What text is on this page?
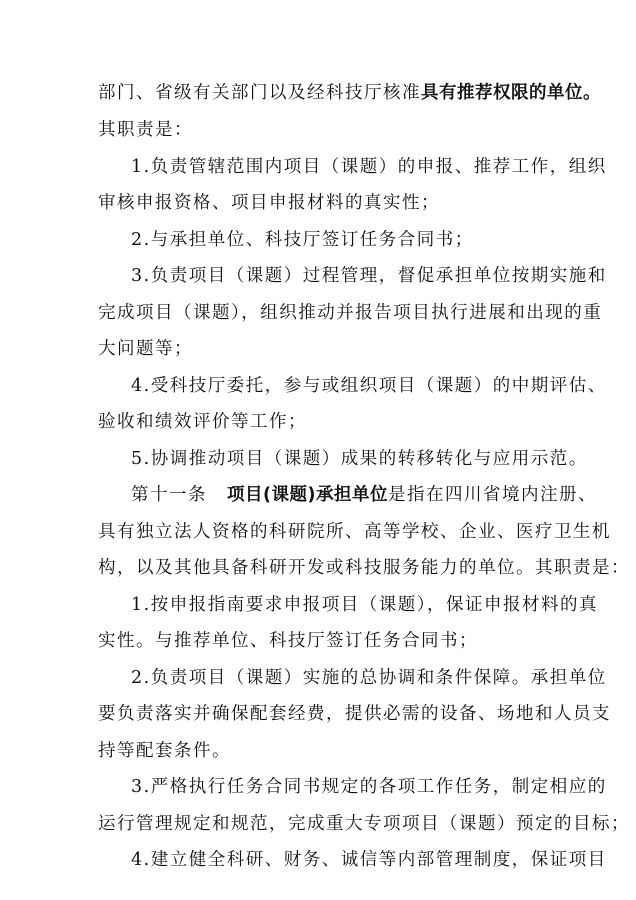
部门、省级有关部门以及经科技厅核准具有推荐权限的单位。
其职责是：
1.负责管辖范围内项目（课题）的申报、推荐工作，组织
审核申报资格、项目申报材料的真实性；
2.与承担单位、科技厅签订任务合同书；
3.负责项目（课题）过程管理，督促承担单位按期实施和
完成项目（课题），组织推动并报告项目执行进展和出现的重
大问题等；
4.受科技厅委托，参与或组织项目（课题）的中期评估、
验收和绩效评价等工作；
5.协调推动项目（课题）成果的转移转化与应用示范。
第十一条 项目(课题)承担单位是指在四川省境内注册、
具有独立法人资格的科研院所、高等学校、企业、医疗卫生机
构，以及其他具备科研开发或科技服务能力的单位。其职责是：
1.按申报指南要求申报项目（课题），保证申报材料的真
实性。与推荐单位、科技厅签订任务合同书；
2.负责项目（课题）实施的总协调和条件保障。承担单位
要负责落实并确保配套经费，提供必需的设备、场地和人员支
持等配套条件。
3.严格执行任务合同书规定的各项工作任务，制定相应的
运行管理规定和规范，完成重大专项项目（课题）预定的目标；
4.建立健全科研、财务、诚信等内部管理制度，保证项目
